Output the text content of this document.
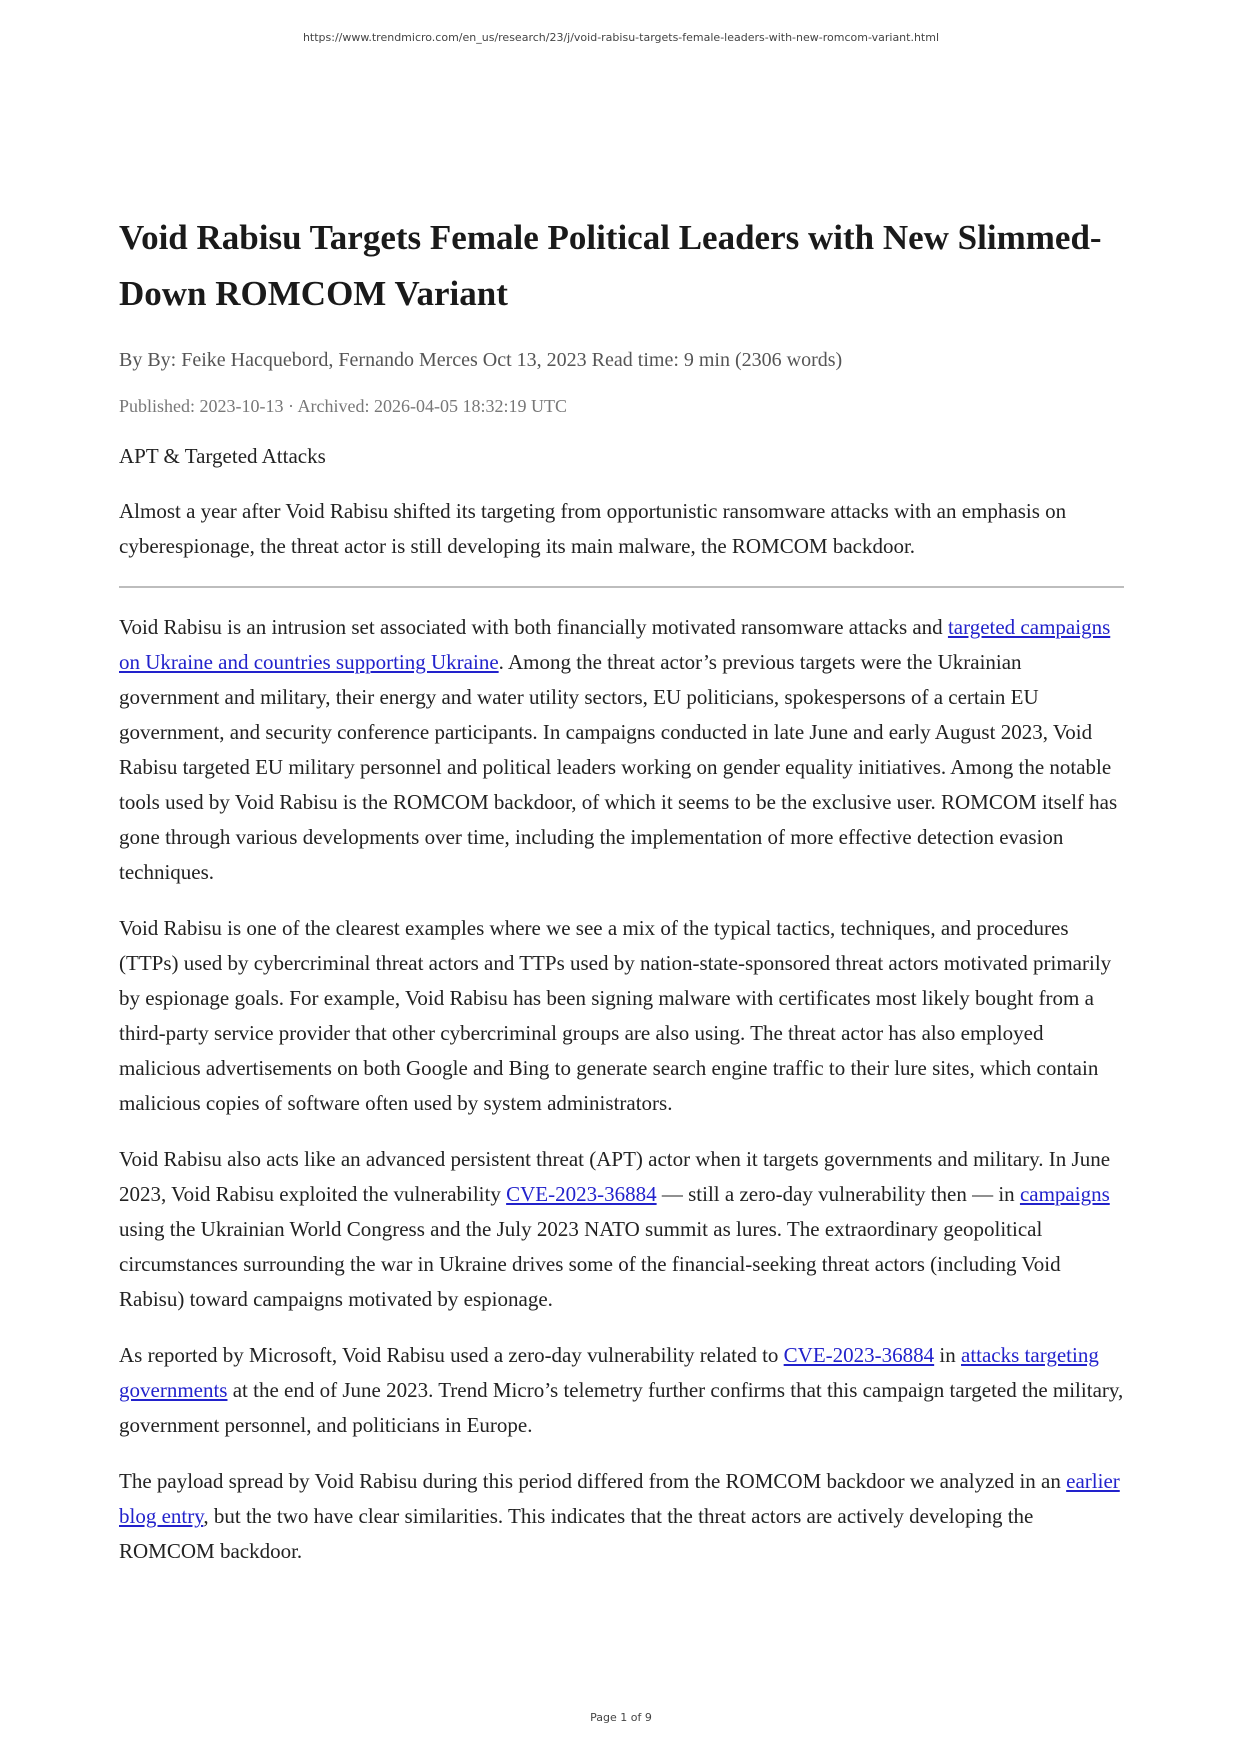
https://www.trendmicro.com/en_us/research/23/j/void-rabisu-targets-female-leaders-with-new-romcom-variant.html
Void Rabisu Targets Female Political Leaders with New Slimmed-Down ROMCOM Variant
By By: Feike Hacquebord, Fernando Merces Oct 13, 2023 Read time: 9 min (2306 words)
Published: 2023-10-13 · Archived: 2026-04-05 18:32:19 UTC
APT & Targeted Attacks
Almost a year after Void Rabisu shifted its targeting from opportunistic ransomware attacks with an emphasis on cyberespionage, the threat actor is still developing its main malware, the ROMCOM backdoor.

Void Rabisu is an intrusion set associated with both financially motivated ransomware attacks and targeted campaigns on Ukraine and countries supporting Ukraine. Among the threat actor’s previous targets were the Ukrainian government and military, their energy and water utility sectors, EU politicians, spokespersons of a certain EU government, and security conference participants. In campaigns conducted in late June and early August 2023, Void Rabisu targeted EU military personnel and political leaders working on gender equality initiatives. Among the notable tools used by Void Rabisu is the ROMCOM backdoor, of which it seems to be the exclusive user. ROMCOM itself has gone through various developments over time, including the implementation of more effective detection evasion techniques.

Void Rabisu is one of the clearest examples where we see a mix of the typical tactics, techniques, and procedures (TTPs) used by cybercriminal threat actors and TTPs used by nation-state-sponsored threat actors motivated primarily by espionage goals. For example, Void Rabisu has been signing malware with certificates most likely bought from a third-party service provider that other cybercriminal groups are also using. The threat actor has also employed malicious advertisements on both Google and Bing to generate search engine traffic to their lure sites, which contain malicious copies of software often used by system administrators.

Void Rabisu also acts like an advanced persistent threat (APT) actor when it targets governments and military. In June 2023, Void Rabisu exploited the vulnerability CVE-2023-36884 — still a zero-day vulnerability then — in campaigns using the Ukrainian World Congress and the July 2023 NATO summit as lures. The extraordinary geopolitical circumstances surrounding the war in Ukraine drives some of the financial-seeking threat actors (including Void Rabisu) toward campaigns motivated by espionage.

As reported by Microsoft, Void Rabisu used a zero-day vulnerability related to CVE-2023-36884 in attacks targeting governments at the end of June 2023. Trend Micro’s telemetry further confirms that this campaign targeted the military, government personnel, and politicians in Europe.

The payload spread by Void Rabisu during this period differed from the ROMCOM backdoor we analyzed in an earlier blog entry, but the two have clear similarities. This indicates that the threat actors are actively developing the ROMCOM backdoor.

Page 1 of 9
